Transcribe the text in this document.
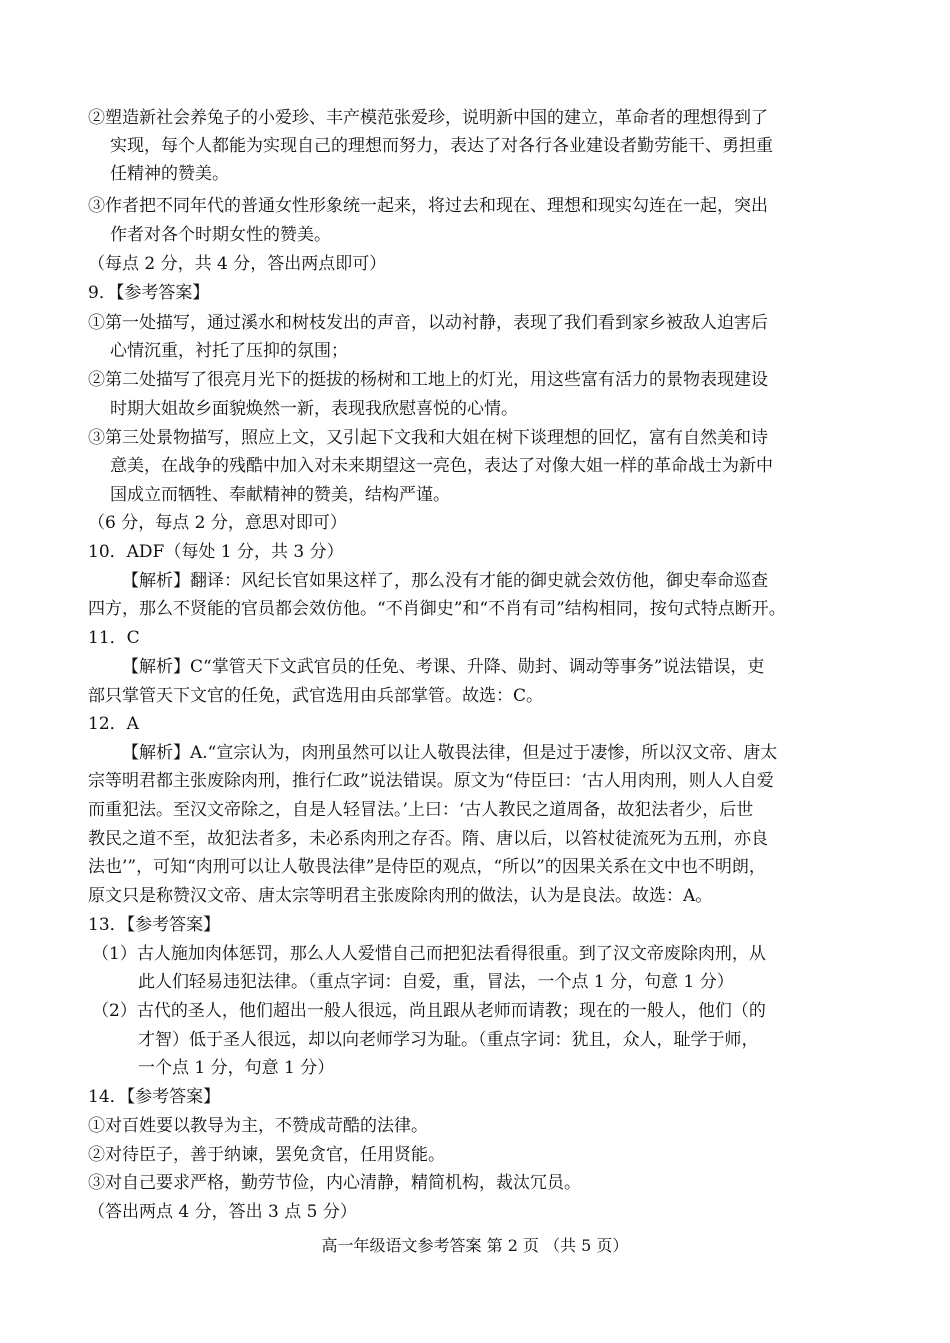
②塑造新社会养兔子的小爱珍、丰产模范张爱珍，说明新中国的建立，革命者的理想得到了
实现，每个人都能为实现自己的理想而努力，表达了对各行各业建设者勤劳能干、勇担重
任精神的赞美。
③作者把不同年代的普通女性形象统一起来，将过去和现在、理想和现实勾连在一起，突出
作者对各个时期女性的赞美。
（每点 2 分，共 4 分，答出两点即可）
9．【参考答案】
①第一处描写，通过溪水和树枝发出的声音，以动衬静，表现了我们看到家乡被敌人迫害后
心情沉重，衬托了压抑的氛围；
②第二处描写了很亮月光下的挺拔的杨树和工地上的灯光，用这些富有活力的景物表现建设
时期大姐故乡面貌焕然一新，表现我欣慰喜悦的心情。
③第三处景物描写，照应上文，又引起下文我和大姐在树下谈理想的回忆，富有自然美和诗
意美，在战争的残酷中加入对未来期望这一亮色，表达了对像大姐一样的革命战士为新中
国成立而牺牲、奉献精神的赞美，结构严谨。
（6 分，每点 2 分，意思对即可）
10．ADF（每处 1 分，共 3 分）
【解析】翻译：风纪长官如果这样了，那么没有才能的御史就会效仿他，御史奉命巡查
四方，那么不贤能的官员都会效仿他。“不肖御史”和“不肖有司”结构相同，按句式特点断开。
11．C
【解析】C“掌管天下文武官员的任免、考课、升降、勋封、调动等事务”说法错误，吏
部只掌管天下文官的任免，武官选用由兵部掌管。故选：C。
12．A
【解析】A.“宣宗认为，肉刑虽然可以让人敬畏法律，但是过于凄惨，所以汉文帝、唐太
宗等明君都主张废除肉刑，推行仁政”说法错误。原文为“侍臣曰：‘古人用肉刑，则人人自爱
而重犯法。至汉文帝除之，自是人轻冒法。’上曰：‘古人教民之道周备，故犯法者少，后世
教民之道不至，故犯法者多，未必系肉刑之存否。隋、唐以后，以笞杖徒流死为五刑，亦良
法也’”，可知“肉刑可以让人敬畏法律”是侍臣的观点，“所以”的因果关系在文中也不明朗，
原文只是称赞汉文帝、唐太宗等明君主张废除肉刑的做法，认为是良法。故选：A。
13．【参考答案】
（1）古人施加肉体惩罚，那么人人爱惜自己而把犯法看得很重。到了汉文帝废除肉刑，从
此人们轻易违犯法律。（重点字词：自爱，重，冒法，一个点 1 分，句意 1 分）
（2）古代的圣人，他们超出一般人很远，尚且跟从老师而请教；现在的一般人，他们（的
才智）低于圣人很远，却以向老师学习为耻。（重点字词：犹且，众人，耻学于师，
一个点 1 分，句意 1 分）
14．【参考答案】
①对百姓要以教导为主，不赞成苛酷的法律。
②对待臣子，善于纳谏，罢免贪官，任用贤能。
③对自己要求严格，勤劳节俭，内心清静，精简机构，裁汰冗员。
（答出两点 4 分，答出 3 点 5 分）
高一年级语文参考答案 第 2 页 （共 5 页）
